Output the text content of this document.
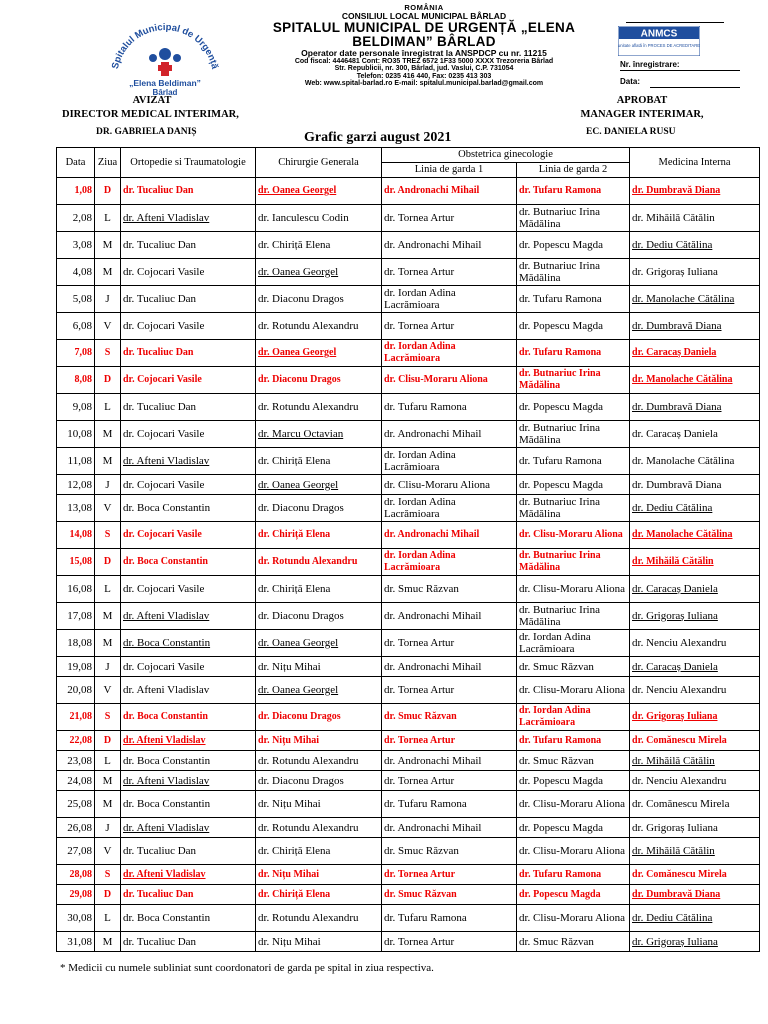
Spitalul Municipal de Urgență
„Elena Beldiman”
Bârlad
ROMÂNIA
CONSILIUL LOCAL MUNICIPAL BÂRLAD
SPITALUL MUNICIPAL DE URGENȚĂ „ELENA BELDIMAN” BÂRLAD
Operator date personale înregistrat la ANSPDCP cu nr. 11215
Cod fiscal: 4446481 Cont: RO35 TREZ 6572 1F33 5000 XXXX Trezoreria Bârlad
Str. Republicii, nr. 300, Bârlad, jud. Vaslui, C.P. 731054
Telefon: 0235 416 440, Fax: 0235 413 303
Web: www.spital-barlad.ro E-mail: spitalul.municipal.barlad@gmail.com
ANMCS
unitate aflată în PROCES DE ACREDITARE
Nr. înregistrare:
Data:
AVIZAT
DIRECTOR MEDICAL INTERIMAR,
DR. GABRIELA DANIȘ
APROBAT
MANAGER INTERIMAR,
EC. DANIELA RUSU
Grafic garzi august 2021
Data	Ziua	Ortopedie si Traumatologie	Chirurgie Generala	Obstetrica ginecologie		Medicina Interna
				Linia de garda 1	Linia de garda 2	
1,08	D	dr. Tucaliuc Dan	dr. Oanea Georgel	dr. Andronachi Mihail	dr. Tufaru Ramona	dr. Dumbravă Diana
2,08	L	dr. Afteni Vladislav	dr. Ianculescu Codin	dr. Tornea Artur	dr. Butnariuc Irina Mădălina	dr. Mihăilă Cătălin
3,08	M	dr. Tucaliuc Dan	dr. Chiriță Elena	dr. Andronachi Mihail	dr. Popescu Magda	dr. Dediu Cătălina
4,08	M	dr. Cojocari Vasile	dr. Oanea Georgel	dr. Tornea Artur	dr. Butnariuc Irina Mădălina	dr. Grigoraș Iuliana
5,08	J	dr. Tucaliuc Dan	dr. Diaconu Dragos	dr. Iordan Adina Lacrămioara	dr. Tufaru Ramona	dr. Manolache Cătălina
6,08	V	dr. Cojocari Vasile	dr. Rotundu Alexandru	dr. Tornea Artur	dr. Popescu Magda	dr. Dumbravă Diana
7,08	S	dr. Tucaliuc Dan	dr. Oanea Georgel	dr. Iordan Adina Lacrămioara	dr. Tufaru Ramona	dr. Caracaș Daniela
8,08	D	dr. Cojocari Vasile	dr. Diaconu Dragos	dr. Clisu-Moraru Aliona	dr. Butnariuc Irina Mădălina	dr. Manolache Cătălina
9,08	L	dr. Tucaliuc Dan	dr. Rotundu Alexandru	dr. Tufaru Ramona	dr. Popescu Magda	dr. Dumbravă Diana
10,08	M	dr. Cojocari Vasile	dr. Marcu Octavian	dr. Andronachi Mihail	dr. Butnariuc Irina Mădălina	dr. Caracaș Daniela
11,08	M	dr. Afteni Vladislav	dr. Chiriță Elena	dr. Iordan Adina Lacrămioara	dr. Tufaru Ramona	dr. Manolache Cătălina
12,08	J	dr. Cojocari Vasile	dr. Oanea Georgel	dr. Clisu-Moraru Aliona	dr. Popescu Magda	dr. Dumbravă Diana
13,08	V	dr. Boca Constantin	dr. Diaconu Dragos	dr. Iordan Adina Lacrămioara	dr. Butnariuc Irina Mădălina	dr. Dediu Cătălina
14,08	S	dr. Cojocari Vasile	dr. Chiriță Elena	dr. Andronachi Mihail	dr. Clisu-Moraru Aliona	dr. Manolache Cătălina
15,08	D	dr. Boca Constantin	dr. Rotundu Alexandru	dr. Iordan Adina Lacrămioara	dr. Butnariuc Irina Mădălina	dr. Mihăilă Cătălin
16,08	L	dr. Cojocari Vasile	dr. Chiriță Elena	dr. Smuc Răzvan	dr. Clisu-Moraru Aliona	dr. Caracaș Daniela
17,08	M	dr. Afteni Vladislav	dr. Diaconu Dragos	dr. Andronachi Mihail	dr. Butnariuc Irina Mădălina	dr. Grigoraș Iuliana
18,08	M	dr. Boca Constantin	dr. Oanea Georgel	dr. Tornea Artur	dr. Iordan Adina Lacrămioara	dr. Nenciu Alexandru
19,08	J	dr. Cojocari Vasile	dr. Nițu Mihai	dr. Andronachi Mihail	dr. Smuc Răzvan	dr. Caracaș Daniela
20,08	V	dr. Afteni Vladislav	dr. Oanea Georgel	dr. Tornea Artur	dr. Clisu-Moraru Aliona	dr. Nenciu Alexandru
21,08	S	dr. Boca Constantin	dr. Diaconu Dragos	dr. Smuc Răzvan	dr. Iordan Adina Lacrămioara	dr. Grigoraș Iuliana
22,08	D	dr. Afteni Vladislav	dr. Nițu Mihai	dr. Tornea Artur	dr. Tufaru Ramona	dr. Comănescu Mirela
23,08	L	dr. Boca Constantin	dr. Rotundu Alexandru	dr. Andronachi Mihail	dr. Smuc Răzvan	dr. Mihăilă Cătălin
24,08	M	dr. Afteni Vladislav	dr. Diaconu Dragos	dr. Tornea Artur	dr. Popescu Magda	dr. Nenciu Alexandru
25,08	M	dr. Boca Constantin	dr. Nițu Mihai	dr. Tufaru Ramona	dr. Clisu-Moraru Aliona	dr. Comănescu Mirela
26,08	J	dr. Afteni Vladislav	dr. Rotundu Alexandru	dr. Andronachi Mihail	dr. Popescu Magda	dr. Grigoraș Iuliana
27,08	V	dr. Tucaliuc Dan	dr. Chiriță Elena	dr. Smuc Răzvan	dr. Clisu-Moraru Aliona	dr. Mihăilă Cătălin
28,08	S	dr. Afteni Vladislav	dr. Nițu Mihai	dr. Tornea Artur	dr. Tufaru Ramona	dr. Comănescu Mirela
29,08	D	dr. Tucaliuc Dan	dr. Chiriță Elena	dr. Smuc Răzvan	dr. Popescu Magda	dr. Dumbravă Diana
30,08	L	dr. Boca Constantin	dr. Rotundu Alexandru	dr. Tufaru Ramona	dr. Clisu-Moraru Aliona	dr. Dediu Cătălina
31,08	M	dr. Tucaliuc Dan	dr. Nițu Mihai	dr. Tornea Artur	dr. Smuc Răzvan	dr. Grigoraș Iuliana
* Medicii cu numele subliniat sunt coordonatori de garda pe spital in ziua respectiva.
